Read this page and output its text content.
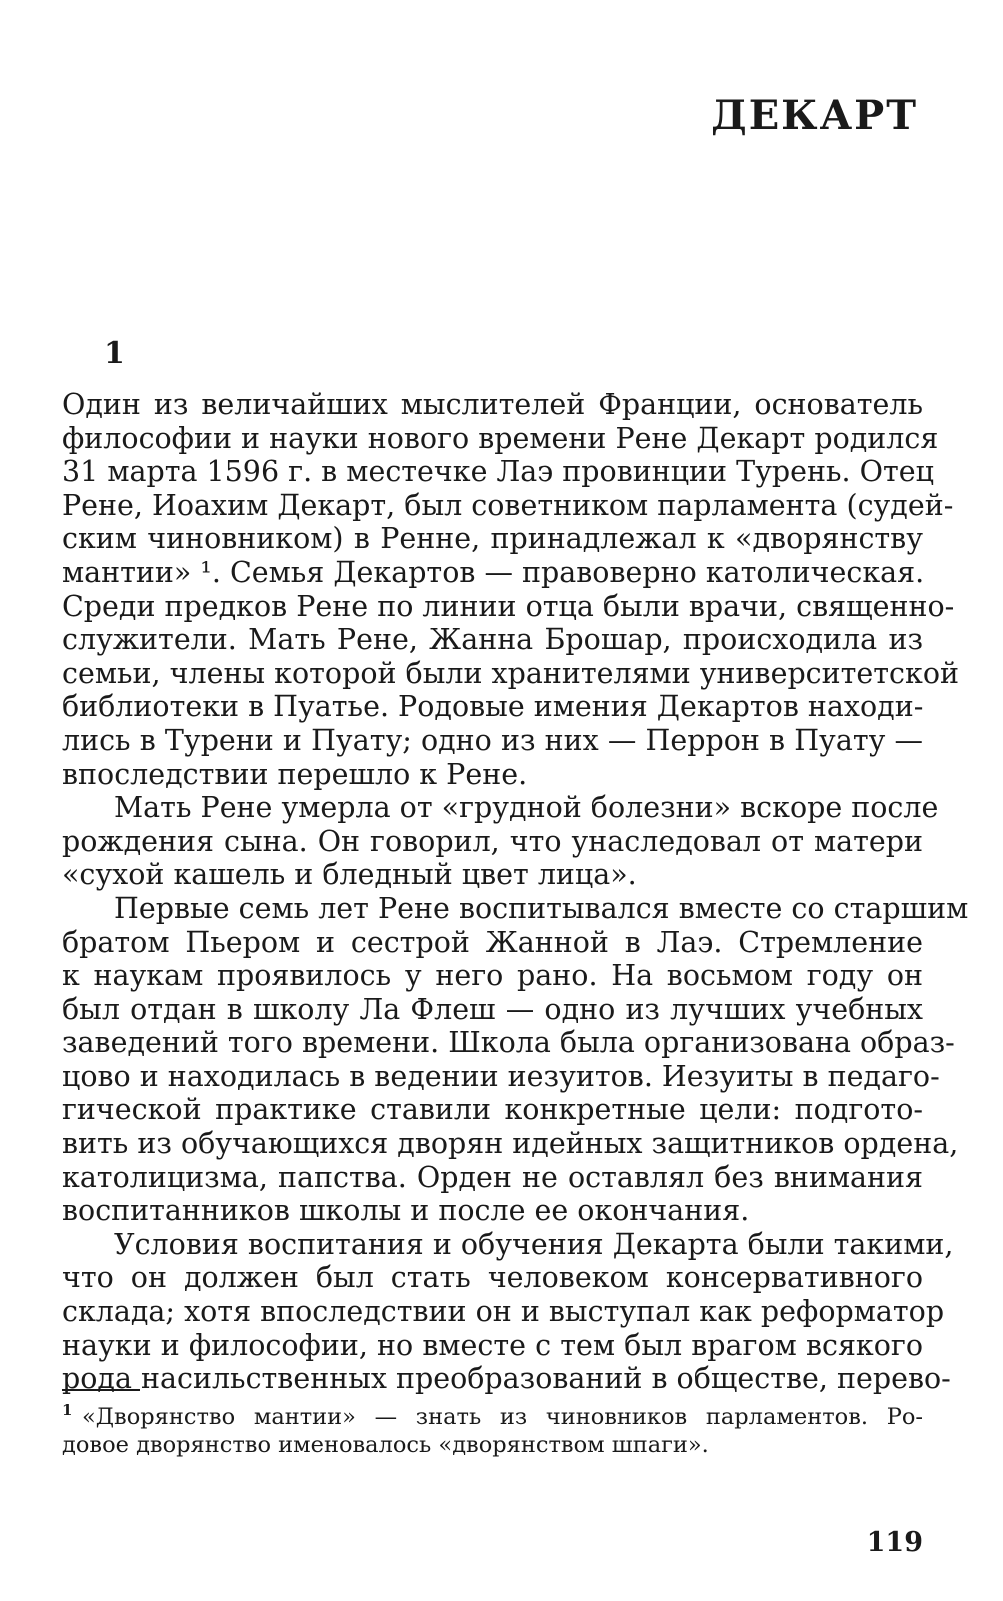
ДЕКАРТ
1
Один из величайших мыслителей Франции, основатель
философии и науки нового времени Рене Декарт родился
31 марта 1596 г. в местечке Лаэ провинции Турень. Отец
Рене, Иоахим Декарт, был советником парламента (судей-
ским чиновником) в Ренне, принадлежал к «дворянству
мантии» ¹. Семья Декартов — правоверно католическая.
Среди предков Рене по линии отца были врачи, священно-
служители. Мать Рене, Жанна Брошар, происходила из
семьи, члены которой были хранителями университетской
библиотеки в Пуатье. Родовые имения Декартов находи-
лись в Турени и Пуату; одно из них — Перрон в Пуату —
впоследствии перешло к Рене.
Мать Рене умерла от «грудной болезни» вскоре после
рождения сына. Он говорил, что унаследовал от матери
«сухой кашель и бледный цвет лица».
Первые семь лет Рене воспитывался вместе со старшим
братом Пьером и сестрой Жанной в Лаэ. Стремление
к наукам проявилось у него рано. На восьмом году он
был отдан в школу Ла Флеш — одно из лучших учебных
заведений того времени. Школа была организована образ-
цово и находилась в ведении иезуитов. Иезуиты в педаго-
гической практике ставили конкретные цели: подгото-
вить из обучающихся дворян идейных защитников ордена,
католицизма, папства. Орден не оставлял без внимания
воспитанников школы и после ее окончания.
Условия воспитания и обучения Декарта были такими,
что он должен был стать человеком консервативного
склада; хотя впоследствии он и выступал как реформатор
науки и философии, но вместе с тем был врагом всякого
рода насильственных преобразований в обществе, перево-
1 «Дворянство мантии» — знать из чиновников парламентов. Ро-
довое дворянство именовалось «дворянством шпаги».
119
